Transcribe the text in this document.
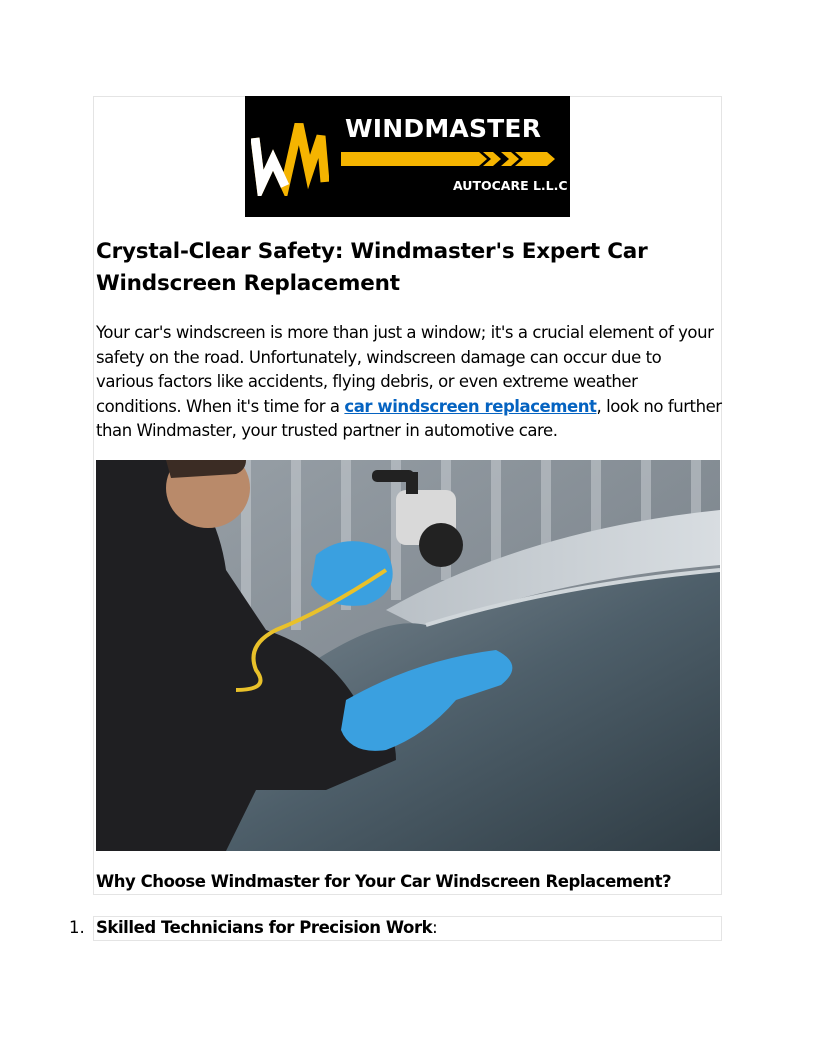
WINDMASTER
AUTOCARE L.L.C
Crystal-Clear Safety: Windmaster's Expert Car Windscreen Replacement

Your car's windscreen is more than just a window; it's a crucial element of your safety on the road. Unfortunately, windscreen damage can occur due to various factors like accidents, flying debris, or even extreme weather conditions. When it's time for a car windscreen replacement, look no further than Windmaster, your trusted partner in automotive care.

Why Choose Windmaster for Your Car Windscreen Replacement?
1. Skilled Technicians for Precision Work:
